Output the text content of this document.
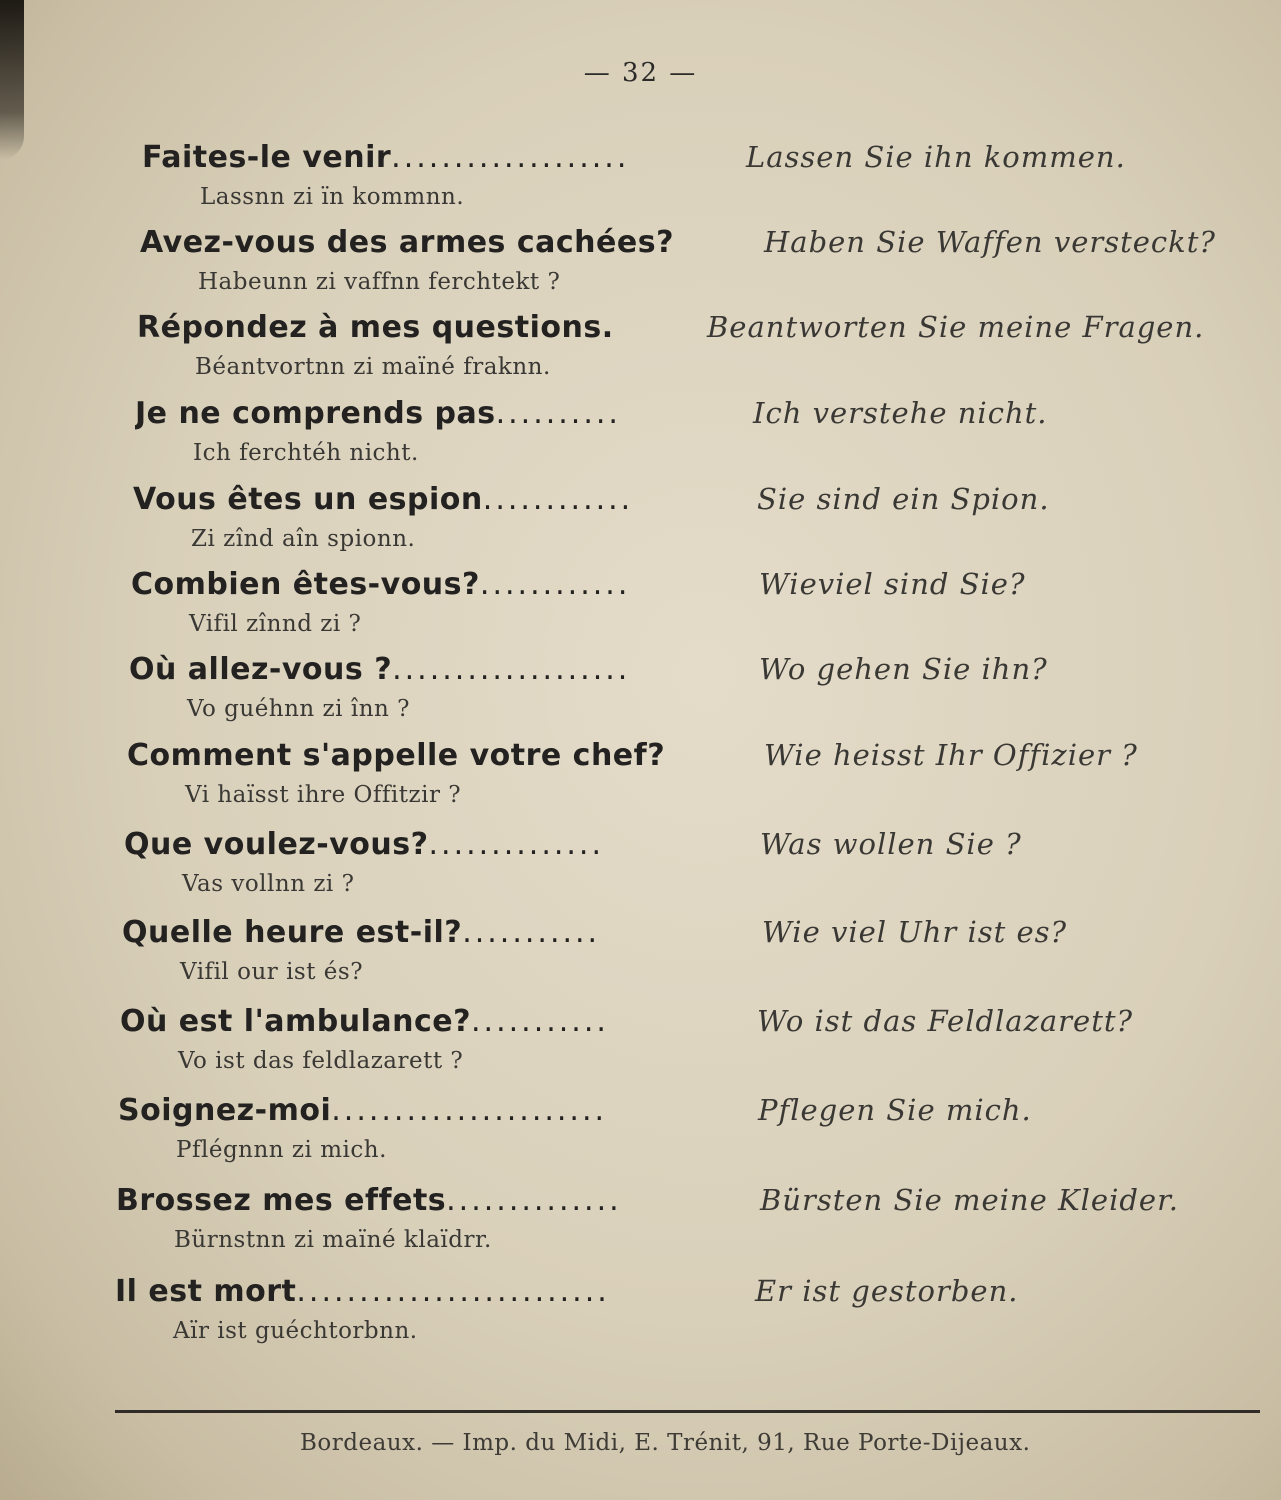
— 32 —
Faites-le venir...................
Lassnn zi ïn kommnn.
Lassen Sie ihn kommen.
Avez-vous des armes cachées?
Habeunn zi vaffnn ferchtekt ?
Haben Sie Waffen versteckt?
Répondez à mes questions.
Béantvortnn zi maïné fraknn.
Beantworten Sie meine Fragen.
Je ne comprends pas..........
Ich ferchtéh nicht.
Ich verstehe nicht.
Vous êtes un espion............
Zi zînd aîn spionn.
Sie sind ein Spion.
Combien êtes-vous?............
Vifil zînnd zi ?
Wieviel sind Sie?
Où allez-vous ?...................
Vo guéhnn zi înn ?
Wo gehen Sie ihn?
Comment s'appelle votre chef?
Vi haïsst ihre Offitzir ?
Wie heisst Ihr Offizier ?
Que voulez-vous?..............
Vas vollnn zi ?
Was wollen Sie ?
Quelle heure est-il?...........
Vifil our ist és?
Wie viel Uhr ist es?
Où est l'ambulance?...........
Vo ist das feldlazarett ?
Wo ist das Feldlazarett?
Soignez-moi......................
Pflégnnn zi mich.
Pflegen Sie mich.
Brossez mes effets..............
Bürnstnn zi maïné klaïdrr.
Bürsten Sie meine Kleider.
Il est mort.........................
Aïr ist guéchtorbnn.
Er ist gestorben.
Bordeaux. — Imp. du Midi, E. Trénit, 91, Rue Porte-Dijeaux.
